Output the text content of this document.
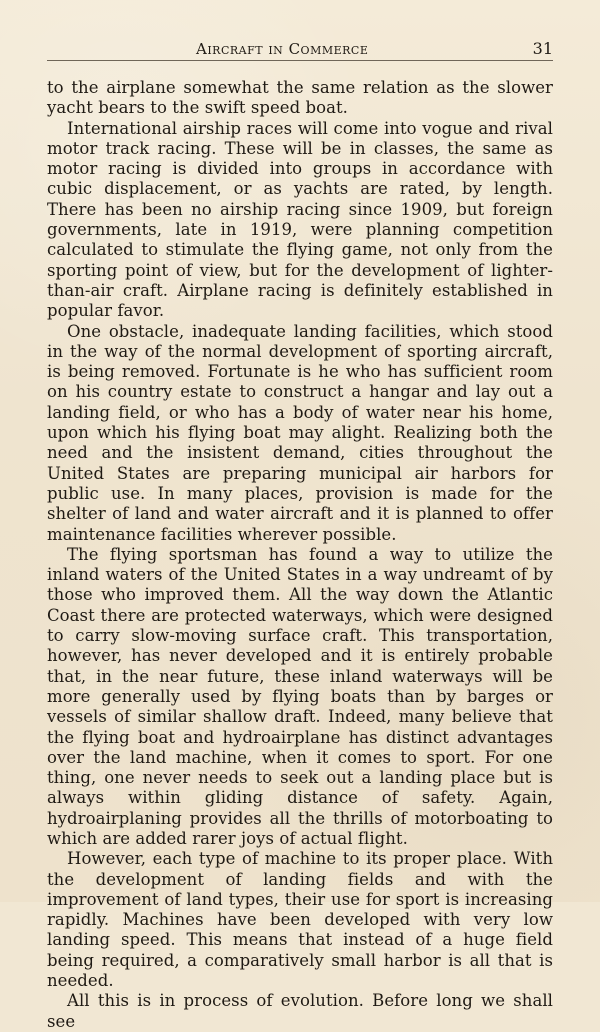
Aircraft in Commerce	31

to the airplane somewhat the same relation as the slower yacht bears to the swift speed boat.

International airship races will come into vogue and rival motor track racing. These will be in classes, the same as motor racing is divided into groups in accordance with cubic displacement, or as yachts are rated, by length. There has been no airship racing since 1909, but foreign governments, late in 1919, were planning competition calculated to stimulate the flying game, not only from the sporting point of view, but for the development of lighter-than-air craft. Airplane racing is definitely established in popular favor.

One obstacle, inadequate landing facilities, which stood in the way of the normal development of sporting aircraft, is being removed. Fortunate is he who has sufficient room on his country estate to construct a hangar and lay out a landing field, or who has a body of water near his home, upon which his flying boat may alight. Realizing both the need and the insistent demand, cities throughout the United States are preparing municipal air harbors for public use. In many places, provision is made for the shelter of land and water aircraft and it is planned to offer maintenance facilities wherever possible.

The flying sportsman has found a way to utilize the inland waters of the United States in a way undreamt of by those who improved them. All the way down the Atlantic Coast there are protected waterways, which were designed to carry slow-moving surface craft. This transportation, however, has never developed and it is entirely probable that, in the near future, these inland waterways will be more generally used by flying boats than by barges or vessels of similar shallow draft. Indeed, many believe that the flying boat and hydroairplane has distinct advantages over the land machine, when it comes to sport. For one thing, one never needs to seek out a landing place but is always within gliding distance of safety. Again, hydroairplaning provides all the thrills of motorboating to which are added rarer joys of actual flight.

However, each type of machine to its proper place. With the development of landing fields and with the improvement of land types, their use for sport is increasing rapidly. Machines have been developed with very low landing speed. This means that instead of a huge field being required, a comparatively small harbor is all that is needed.

All this is in process of evolution. Before long we shall see
